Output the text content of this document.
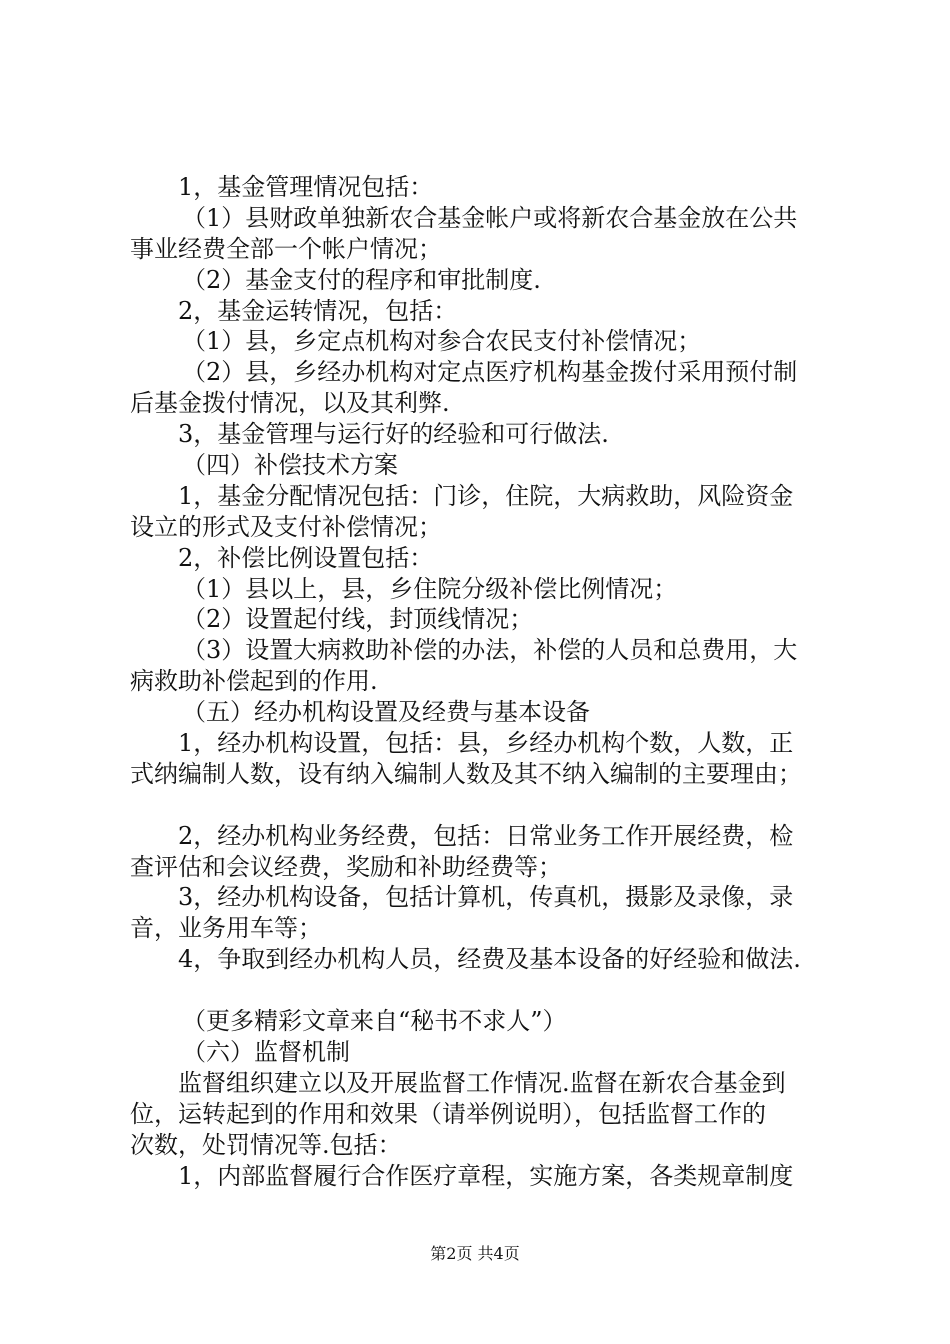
1，基金管理情况包括：
（1）县财政单独新农合基金帐户或将新农合基金放在公共
事业经费全部一个帐户情况；
（2）基金支付的程序和审批制度.
2，基金运转情况，包括：
（1）县，乡定点机构对参合农民支付补偿情况；
（2）县，乡经办机构对定点医疗机构基金拨付采用预付制
后基金拨付情况，以及其利弊.
3，基金管理与运行好的经验和可行做法.
（四）补偿技术方案
1，基金分配情况包括：门诊，住院，大病救助，风险资金
设立的形式及支付补偿情况；
2，补偿比例设置包括：
（1）县以上，县，乡住院分级补偿比例情况；
（2）设置起付线，封顶线情况；
（3）设置大病救助补偿的办法，补偿的人员和总费用，大
病救助补偿起到的作用.
（五）经办机构设置及经费与基本设备
1，经办机构设置，包括：县，乡经办机构个数，人数，正
式纳编制人数，设有纳入编制人数及其不纳入编制的主要理由；
2，经办机构业务经费，包括：日常业务工作开展经费，检
查评估和会议经费，奖励和补助经费等；
3，经办机构设备，包括计算机，传真机，摄影及录像，录
音，业务用车等；
4，争取到经办机构人员，经费及基本设备的好经验和做法.
（更多精彩文章来自“秘书不求人”）
（六）监督机制
监督组织建立以及开展监督工作情况.监督在新农合基金到
位，运转起到的作用和效果（请举例说明），包括监督工作的
次数，处罚情况等.包括：
1，内部监督履行合作医疗章程，实施方案，各类规章制度
第2页 共4页
